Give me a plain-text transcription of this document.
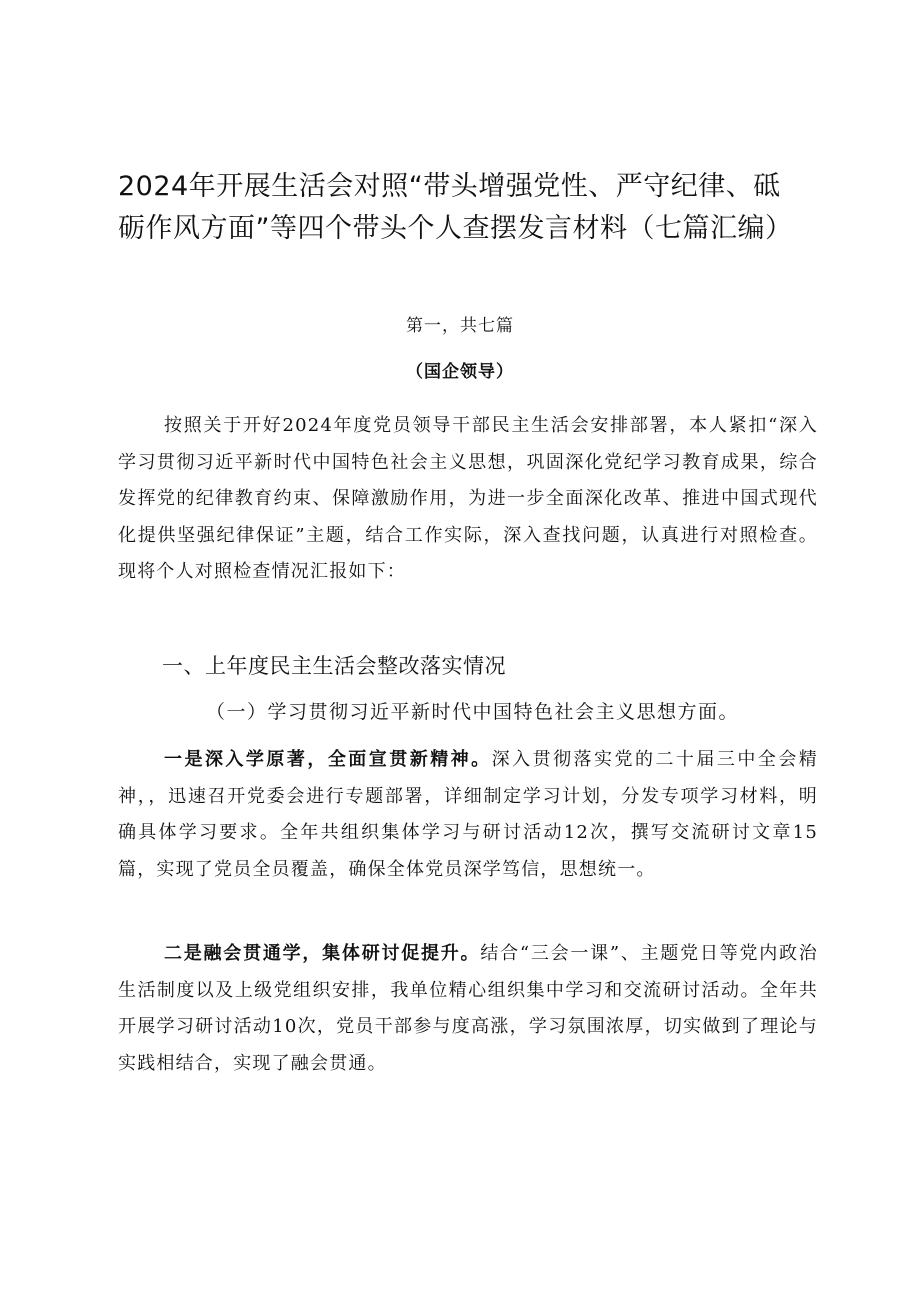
2024年开展生活会对照“带头增强党性、严守纪律、砥砺作风方面”等四个带头个人查摆发言材料（七篇汇编）
第一，共七篇
（国企领导）

按照关于开好2024年度党员领导干部民主生活会安排部署，本人紧扣“深入学习贯彻习近平新时代中国特色社会主义思想，巩固深化党纪学习教育成果，综合发挥党的纪律教育约束、保障激励作用，为进一步全面深化改革、推进中国式现代化提供坚强纪律保证”主题，结合工作实际，深入查找问题，认真进行对照检查。现将个人对照检查情况汇报如下：

一、上年度民主生活会整改落实情况
（一）学习贯彻习近平新时代中国特色社会主义思想方面。

一是深入学原著，全面宣贯新精神。深入贯彻落实党的二十届三中全会精神，，迅速召开党委会进行专题部署，详细制定学习计划，分发专项学习材料，明确具体学习要求。全年共组织集体学习与研讨活动12次，撰写交流研讨文章15篇，实现了党员全员覆盖，确保全体党员深学笃信，思想统一。

二是融会贯通学，集体研讨促提升。结合“三会一课”、主题党日等党内政治生活制度以及上级党组织安排，我单位精心组织集中学习和交流研讨活动。全年共开展学习研讨活动10次，党员干部参与度高涨，学习氛围浓厚，切实做到了理论与实践相结合，实现了融会贯通。
